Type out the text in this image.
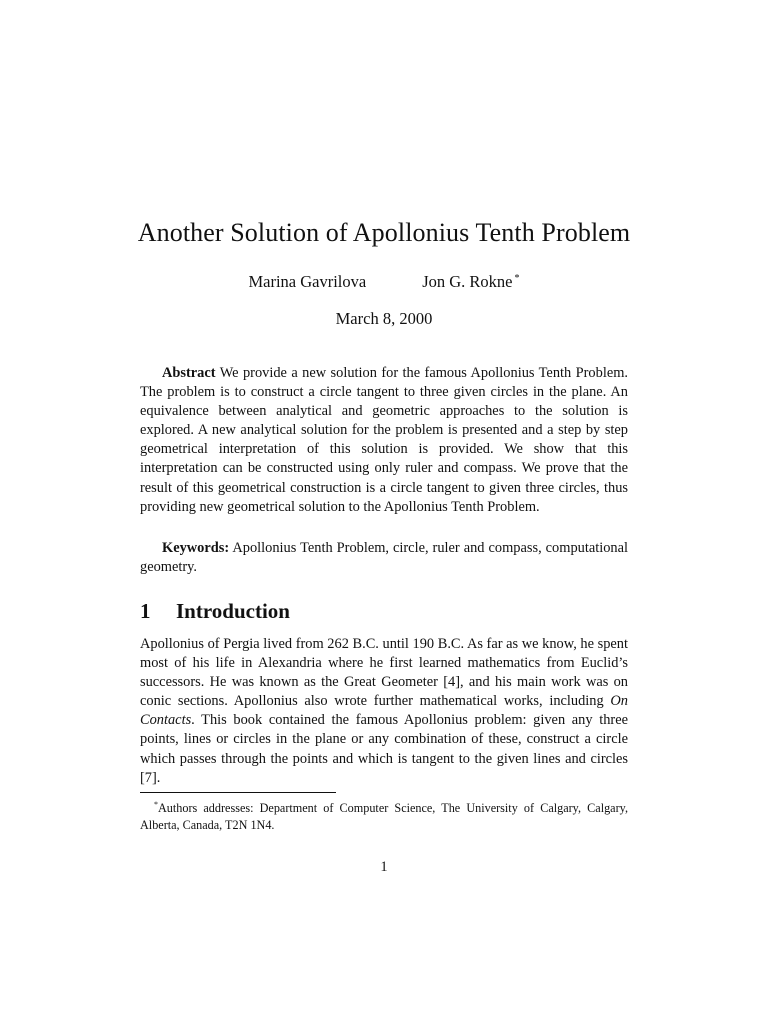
Another Solution of Apollonius Tenth Problem
Marina Gavrilova	Jon G. Rokne *
March 8, 2000

Abstract We provide a new solution for the famous Apollonius Tenth Problem. The problem is to construct a circle tangent to three given circles in the plane. An equivalence between analytical and geometric approaches to the solution is explored. A new analytical solution for the problem is presented and a step by step geometrical interpretation of this solution is provided. We show that this interpretation can be constructed using only ruler and compass. We prove that the result of this geometrical construction is a circle tangent to given three circles, thus providing new geometrical solution to the Apollonius Tenth Problem.

Keywords: Apollonius Tenth Problem, circle, ruler and compass, computational geometry.

1 Introduction

Apollonius of Pergia lived from 262 B.C. until 190 B.C. As far as we know, he spent most of his life in Alexandria where he first learned mathematics from Euclid’s successors. He was known as the Great Geometer [4], and his main work was on conic sections. Apollonius also wrote further mathematical works, including On Contacts. This book contained the famous Apollonius problem: given any three points, lines or circles in the plane or any combination of these, construct a circle which passes through the points and which is tangent to the given lines and circles [7].

*Authors addresses: Department of Computer Science, The University of Calgary, Calgary, Alberta, Canada, T2N 1N4.

1
